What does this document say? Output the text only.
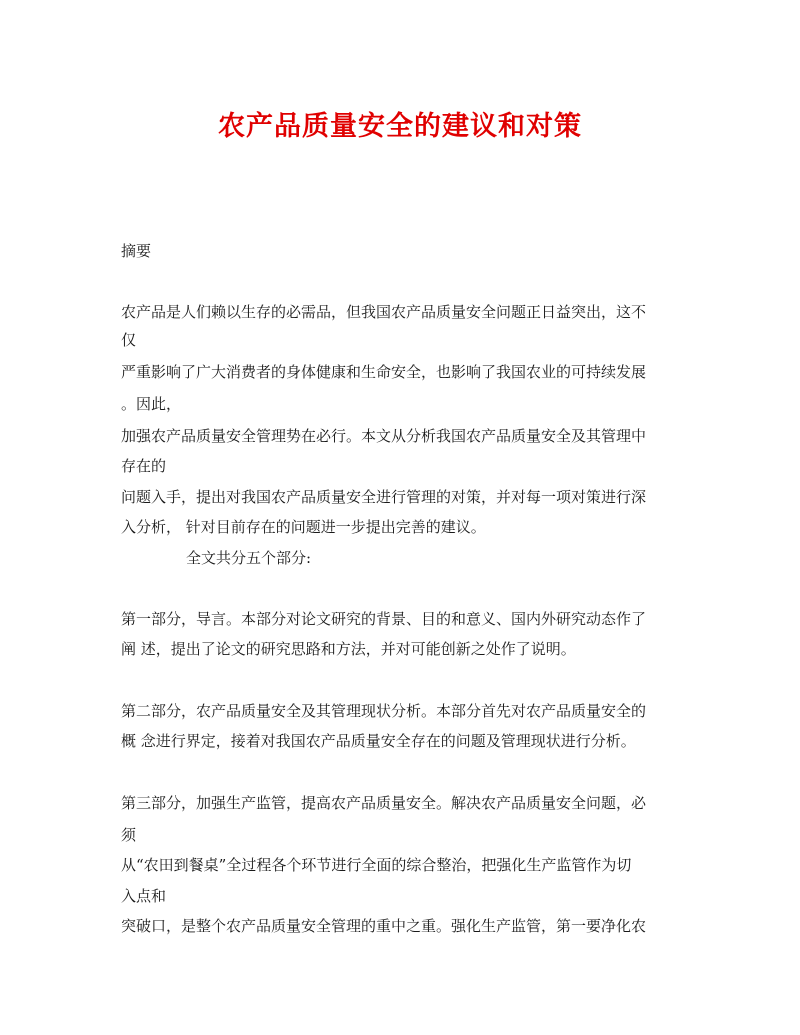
农产品质量安全的建议和对策

摘要

农产品是人们赖以生存的必需品，但我国农产品质量安全问题正日益突出，这不

仅

严重影响了广大消费者的身体健康和生命安全，也影响了我国农业的可持续发展

。因此，

加强农产品质量安全管理势在必行。本文从分析我国农产品质量安全及其管理中

存在的

问题入手，提出对我国农产品质量安全进行管理的对策，并对每一项对策进行深

入分析， 针对目前存在的问题进一步提出完善的建议。

全文共分五个部分:

第一部分，导言。本部分对论文研究的背景、目的和意义、国内外研究动态作了

阐 述，提出了论文的研究思路和方法，并对可能创新之处作了说明。

第二部分，农产品质量安全及其管理现状分析。本部分首先对农产品质量安全的

概 念进行界定，接着对我国农产品质量安全存在的问题及管理现状进行分析。

第三部分，加强生产监管，提高农产品质量安全。解决农产品质量安全问题，必

须

从“农田到餐桌”全过程各个环节进行全面的综合整治，把强化生产监管作为切

入点和

突破口，是整个农产品质量安全管理的重中之重。强化生产监管，第一要净化农
